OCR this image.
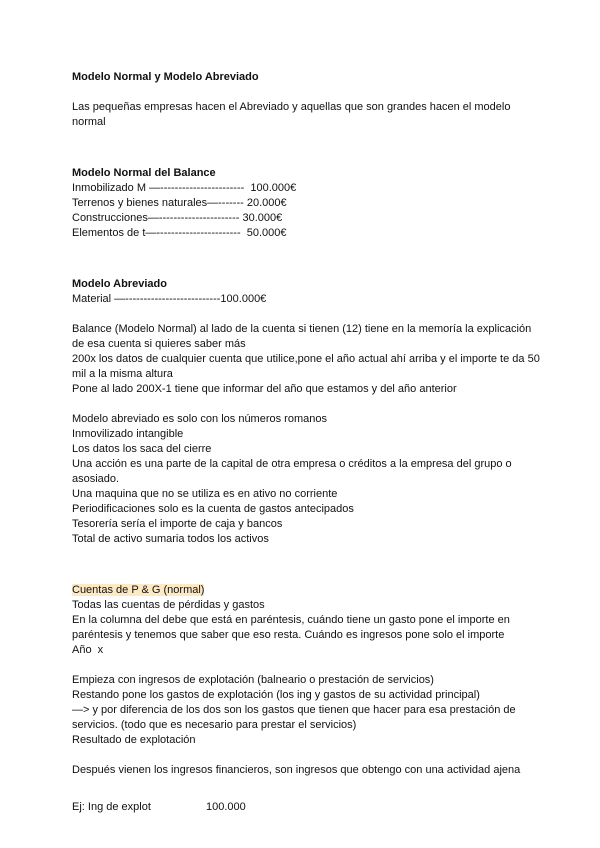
Modelo Normal y Modelo Abreviado
Las pequeñas empresas hacen el Abreviado y aquellas que son grandes hacen el modelo normal
Modelo Normal del Balance
Inmobilizado M —-----------------------  100.000€
Terrenos y bienes naturales—------- 20.000€
Construcciones—---------------------- 30.000€
Elementos de t—-----------------------  50.000€
Modelo Abreviado
Material —--------------------------100.000€
Balance (Modelo Normal) al lado de la cuenta si tienen (12) tiene en la memoría la explicación de esa cuenta si quieres saber más
200x los datos de cualquier cuenta que utilice,pone el año actual ahí arriba y el importe te da 50 mil a la misma altura
Pone al lado 200X-1 tiene que informar del año que estamos y del año anterior
Modelo abreviado es solo con los números romanos
Inmovilizado intangible
Los datos los saca del cierre
Una acción es una parte de la capital de otra empresa o créditos a la empresa del grupo o asosiado.
Una maquina que no se utiliza es en ativo no corriente
Periodificaciones solo es la cuenta de gastos antecipados
Tesorería sería el importe de caja y bancos
Total de activo sumaria todos los activos
Cuentas de P & G (normal)
Todas las cuentas de pérdidas y gastos
En la columna del debe que está en paréntesis, cuándo tiene un gasto pone el importe en paréntesis y tenemos que saber que eso resta. Cuándo es ingresos pone solo el importe
Año  x
Empieza con ingresos de explotación (balneario o prestación de servicios)
Restando pone los gastos de explotación (los ing y gastos de su actividad principal)
—> y por diferencia de los dos son los gastos que tienen que hacer para esa prestación de servicios. (todo que es necesario para prestar el servicios)
Resultado de explotación
Después vienen los ingresos financieros, son ingresos que obtengo con una actividad ajena
Ej: Ing de explot	100.000
